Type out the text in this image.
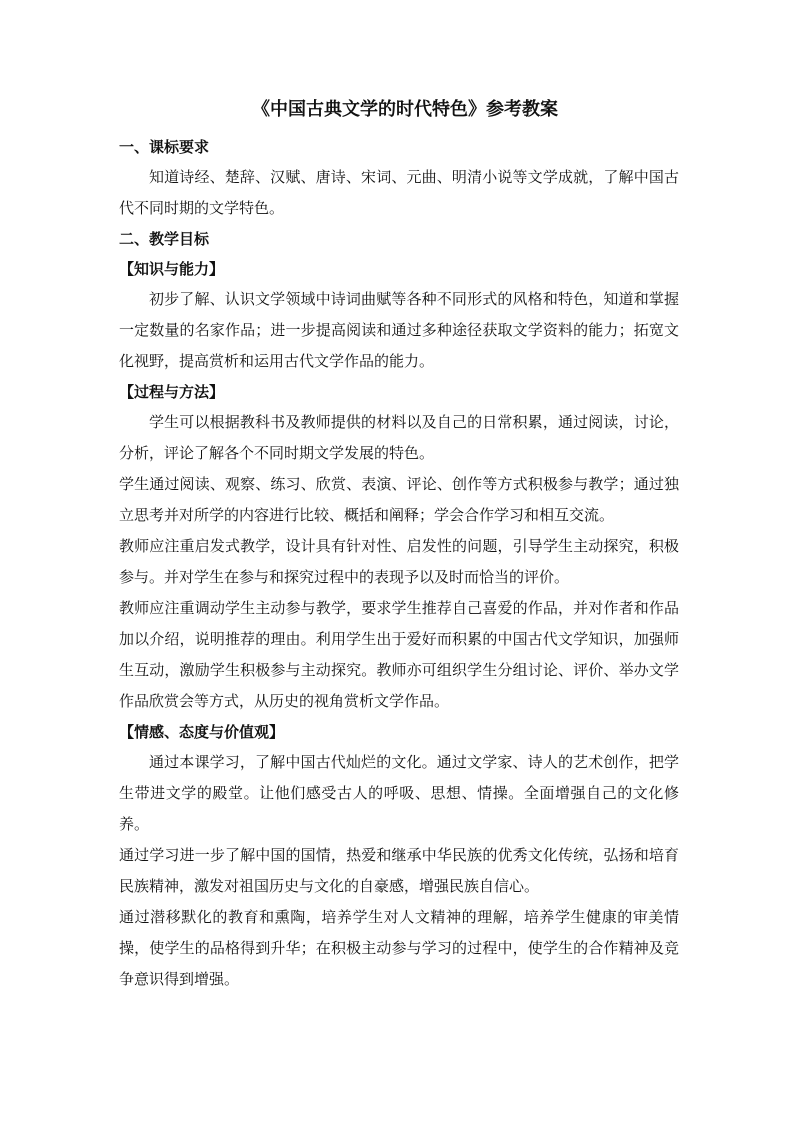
《中国古典文学的时代特色》参考教案
一、课标要求
知道诗经、楚辞、汉赋、唐诗、宋词、元曲、明清小说等文学成就，了解中国古代不同时期的文学特色。
二、教学目标
【知识与能力】
初步了解、认识文学领域中诗词曲赋等各种不同形式的风格和特色，知道和掌握一定数量的名家作品；进一步提高阅读和通过多种途径获取文学资料的能力；拓宽文化视野，提高赏析和运用古代文学作品的能力。
【过程与方法】
学生可以根据教科书及教师提供的材料以及自己的日常积累，通过阅读，讨论，分析，评论了解各个不同时期文学发展的特色。
学生通过阅读、观察、练习、欣赏、表演、评论、创作等方式积极参与教学；通过独立思考并对所学的内容进行比较、概括和阐释；学会合作学习和相互交流。
教师应注重启发式教学，设计具有针对性、启发性的问题，引导学生主动探究，积极参与。并对学生在参与和探究过程中的表现予以及时而恰当的评价。
教师应注重调动学生主动参与教学，要求学生推荐自己喜爱的作品，并对作者和作品加以介绍，说明推荐的理由。利用学生出于爱好而积累的中国古代文学知识，加强师生互动，激励学生积极参与主动探究。教师亦可组织学生分组讨论、评价、举办文学作品欣赏会等方式，从历史的视角赏析文学作品。
【情感、态度与价值观】
通过本课学习，了解中国古代灿烂的文化。通过文学家、诗人的艺术创作，把学生带进文学的殿堂。让他们感受古人的呼吸、思想、情操。全面增强自己的文化修养。
通过学习进一步了解中国的国情，热爱和继承中华民族的优秀文化传统，弘扬和培育民族精神，激发对祖国历史与文化的自豪感，增强民族自信心。
通过潜移默化的教育和熏陶，培养学生对人文精神的理解，培养学生健康的审美情操，使学生的品格得到升华；在积极主动参与学习的过程中，使学生的合作精神及竞争意识得到增强。
